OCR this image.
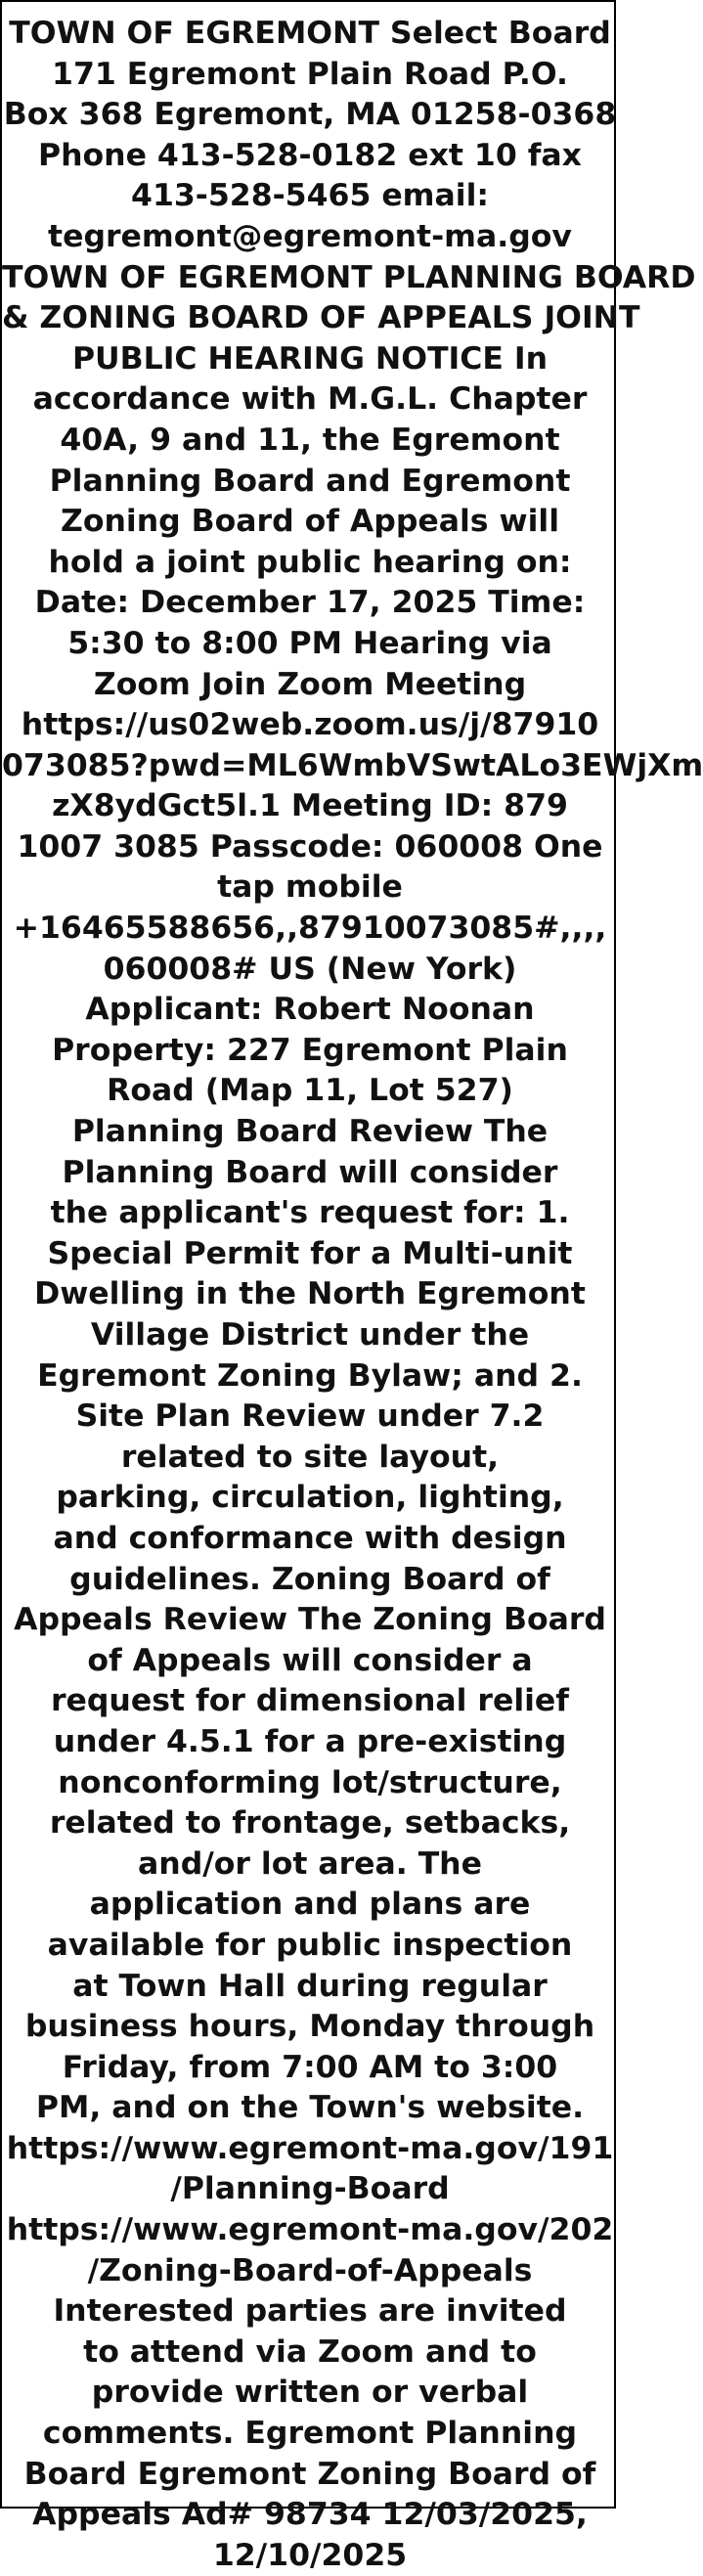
TOWN OF EGREMONT Select Board
171 Egremont Plain Road P.O.
Box 368 Egremont, MA 01258-0368
Phone 413-528-0182 ext 10 fax
413-528-5465 email:
tegremont@egremont-ma.gov
TOWN OF EGREMONT PLANNING BOARD
& ZONING BOARD OF APPEALS JOINT
PUBLIC HEARING NOTICE In
accordance with M.G.L. Chapter
40A, 9 and 11, the Egremont
Planning Board and Egremont
Zoning Board of Appeals will
hold a joint public hearing on:
Date: December 17, 2025 Time:
5:30 to 8:00 PM Hearing via
Zoom Join Zoom Meeting
https://us02web.zoom.us/j/87910
073085?pwd=ML6WmbVSwtALo3EWjXm
zX8ydGct5l.1 Meeting ID: 879
1007 3085 Passcode: 060008 One
tap mobile
+16465588656,,87910073085#,,,,
060008# US (New York)
Applicant: Robert Noonan
Property: 227 Egremont Plain
Road (Map 11, Lot 527)
Planning Board Review The
Planning Board will consider
the applicant's request for: 1.
Special Permit for a Multi-unit
Dwelling in the North Egremont
Village District under the
Egremont Zoning Bylaw; and 2.
Site Plan Review under 7.2
related to site layout,
parking, circulation, lighting,
and conformance with design
guidelines. Zoning Board of
Appeals Review The Zoning Board
of Appeals will consider a
request for dimensional relief
under 4.5.1 for a pre-existing
nonconforming lot/structure,
related to frontage, setbacks,
and/or lot area. The
application and plans are
available for public inspection
at Town Hall during regular
business hours, Monday through
Friday, from 7:00 AM to 3:00
PM, and on the Town's website.
https://www.egremont-ma.gov/191
/Planning-Board
https://www.egremont-ma.gov/202
/Zoning-Board-of-Appeals
Interested parties are invited
to attend via Zoom and to
provide written or verbal
comments. Egremont Planning
Board Egremont Zoning Board of
Appeals Ad# 98734 12/03/2025,
12/10/2025
